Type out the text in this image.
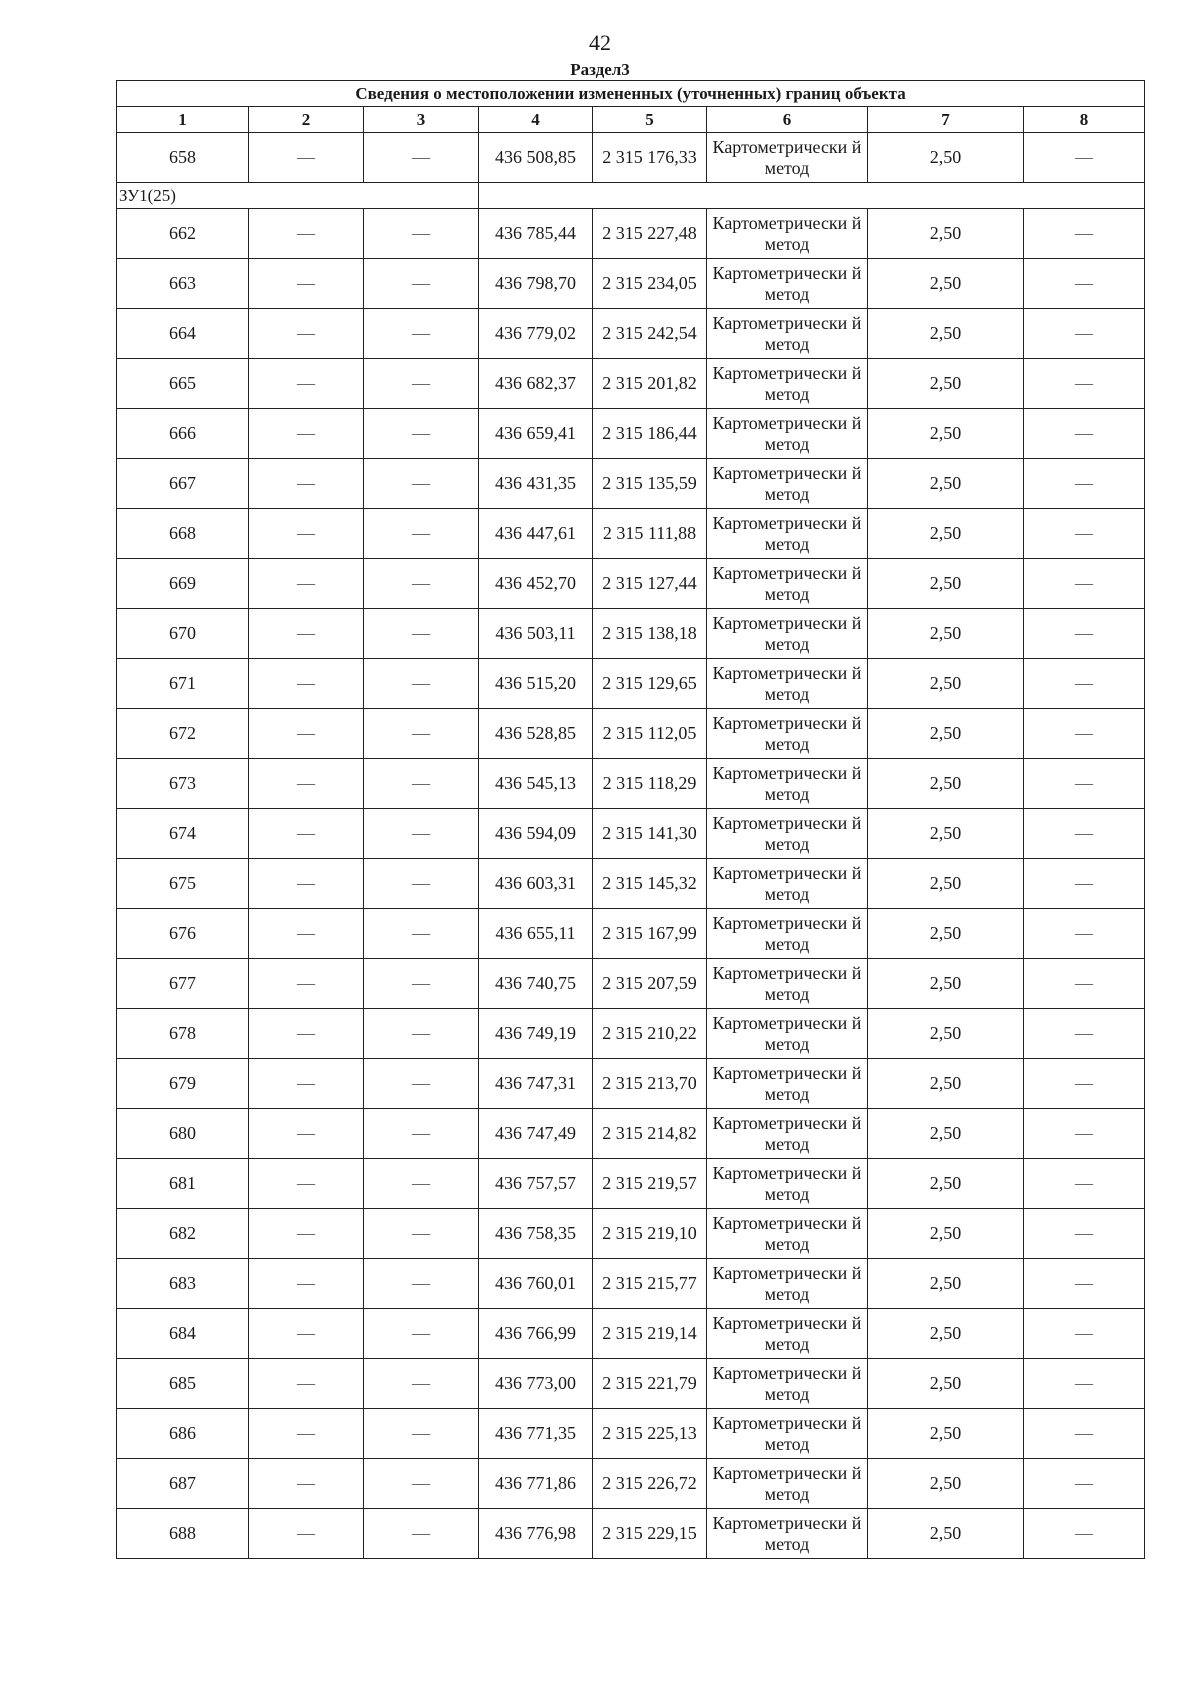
42
Раздел3
Сведения о местоположении измененных (уточненных) границ объекта							
1	2	3	4	5	6	7	8
658	—	—	436 508,85	2 315 176,33	Картометрически й метод	2,50	—
ЗУ1(25)							
662	—	—	436 785,44	2 315 227,48	Картометрически й метод	2,50	—
663	—	—	436 798,70	2 315 234,05	Картометрически й метод	2,50	—
664	—	—	436 779,02	2 315 242,54	Картометрически й метод	2,50	—
665	—	—	436 682,37	2 315 201,82	Картометрически й метод	2,50	—
666	—	—	436 659,41	2 315 186,44	Картометрически й метод	2,50	—
667	—	—	436 431,35	2 315 135,59	Картометрически й метод	2,50	—
668	—	—	436 447,61	2 315 111,88	Картометрически й метод	2,50	—
669	—	—	436 452,70	2 315 127,44	Картометрически й метод	2,50	—
670	—	—	436 503,11	2 315 138,18	Картометрически й метод	2,50	—
671	—	—	436 515,20	2 315 129,65	Картометрически й метод	2,50	—
672	—	—	436 528,85	2 315 112,05	Картометрически й метод	2,50	—
673	—	—	436 545,13	2 315 118,29	Картометрически й метод	2,50	—
674	—	—	436 594,09	2 315 141,30	Картометрически й метод	2,50	—
675	—	—	436 603,31	2 315 145,32	Картометрически й метод	2,50	—
676	—	—	436 655,11	2 315 167,99	Картометрически й метод	2,50	—
677	—	—	436 740,75	2 315 207,59	Картометрически й метод	2,50	—
678	—	—	436 749,19	2 315 210,22	Картометрически й метод	2,50	—
679	—	—	436 747,31	2 315 213,70	Картометрически й метод	2,50	—
680	—	—	436 747,49	2 315 214,82	Картометрически й метод	2,50	—
681	—	—	436 757,57	2 315 219,57	Картометрически й метод	2,50	—
682	—	—	436 758,35	2 315 219,10	Картометрически й метод	2,50	—
683	—	—	436 760,01	2 315 215,77	Картометрически й метод	2,50	—
684	—	—	436 766,99	2 315 219,14	Картометрически й метод	2,50	—
685	—	—	436 773,00	2 315 221,79	Картометрически й метод	2,50	—
686	—	—	436 771,35	2 315 225,13	Картометрически й метод	2,50	—
687	—	—	436 771,86	2 315 226,72	Картометрически й метод	2,50	—
688	—	—	436 776,98	2 315 229,15	Картометрически й метод	2,50	—
